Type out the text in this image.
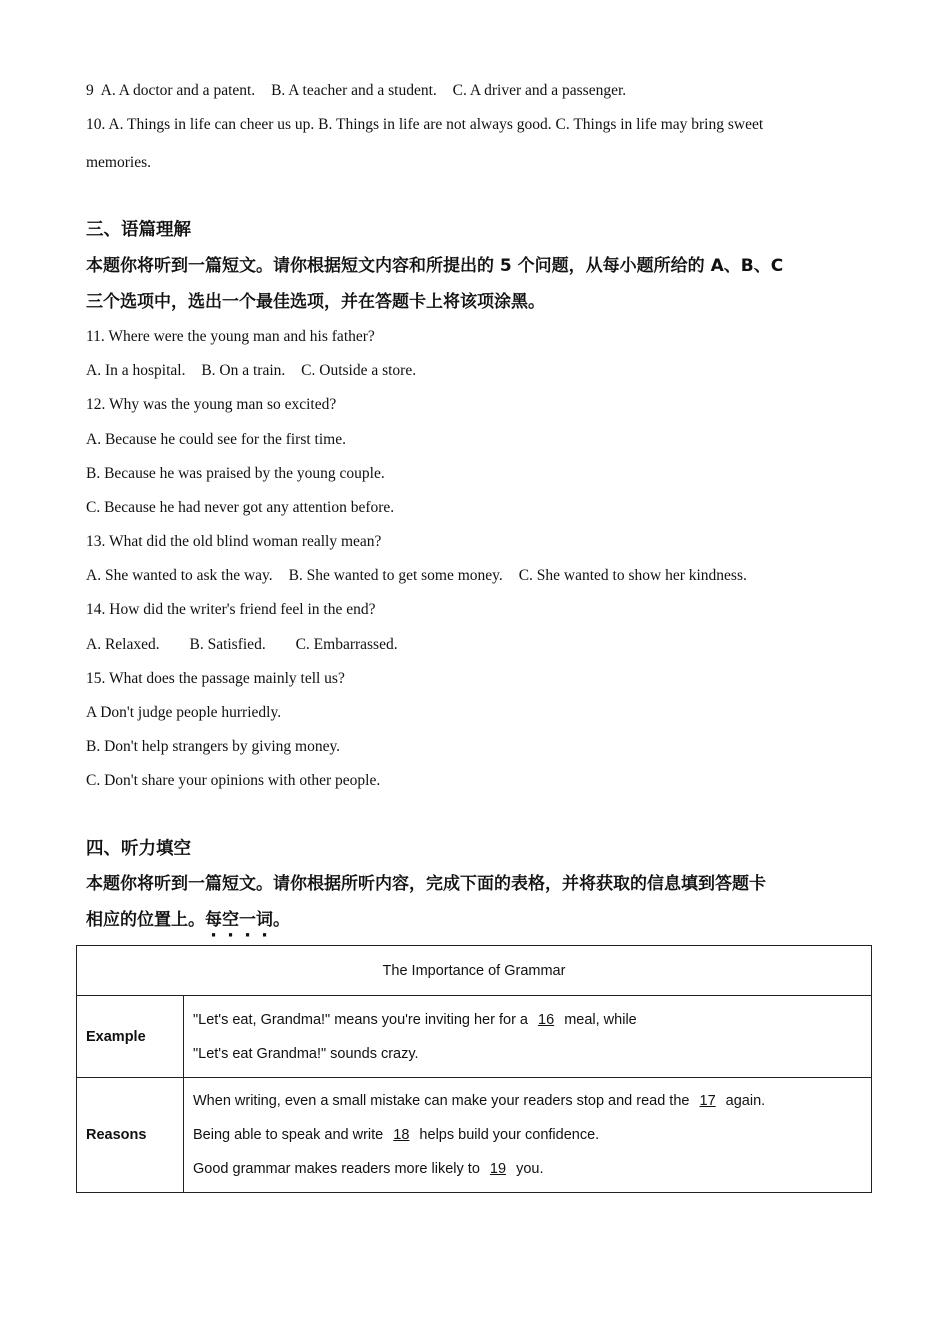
9 A. A doctor and a patent. B. A teacher and a student. C. A driver and a passenger.
10. A. Things in life can cheer us up. B. Things in life are not always good. C. Things in life may bring sweet
memories.
三、语篇理解
本题你将听到一篇短文。请你根据短文内容和所提出的 5 个问题，从每小题所给的 A、B、C
三个选项中，选出一个最佳选项，并在答题卡上将该项涂黑。
11. Where were the young man and his father?
A. In a hospital. B. On a train. C. Outside a store.
12. Why was the young man so excited?
A. Because he could see for the first time.
B. Because he was praised by the young couple.
C. Because he had never got any attention before.
13. What did the old blind woman really mean?
A. She wanted to ask the way. B. She wanted to get some money. C. She wanted to show her kindness.
14. How did the writer's friend feel in the end?
A. Relaxed. B. Satisfied. C. Embarrassed.
15. What does the passage mainly tell us?
A Don't judge people hurriedly.
B. Don't help strangers by giving money.
C. Don't share your opinions with other people.
四、听力填空
本题你将听到一篇短文。请你根据所听内容，完成下面的表格，并将获取的信息填到答题卡
相应的位置上。每空一词。
The Importance of Grammar	
Example	"Let's eat, Grandma!" means you're inviting her for a 16 meal, while
"Let's eat Grandma!" sounds crazy.

Reasons	When writing, even a small mistake can make your readers stop and read the 17 again.
Being able to speak and write 18 helps build your confidence.
Good grammar makes readers more likely to 19 you.
